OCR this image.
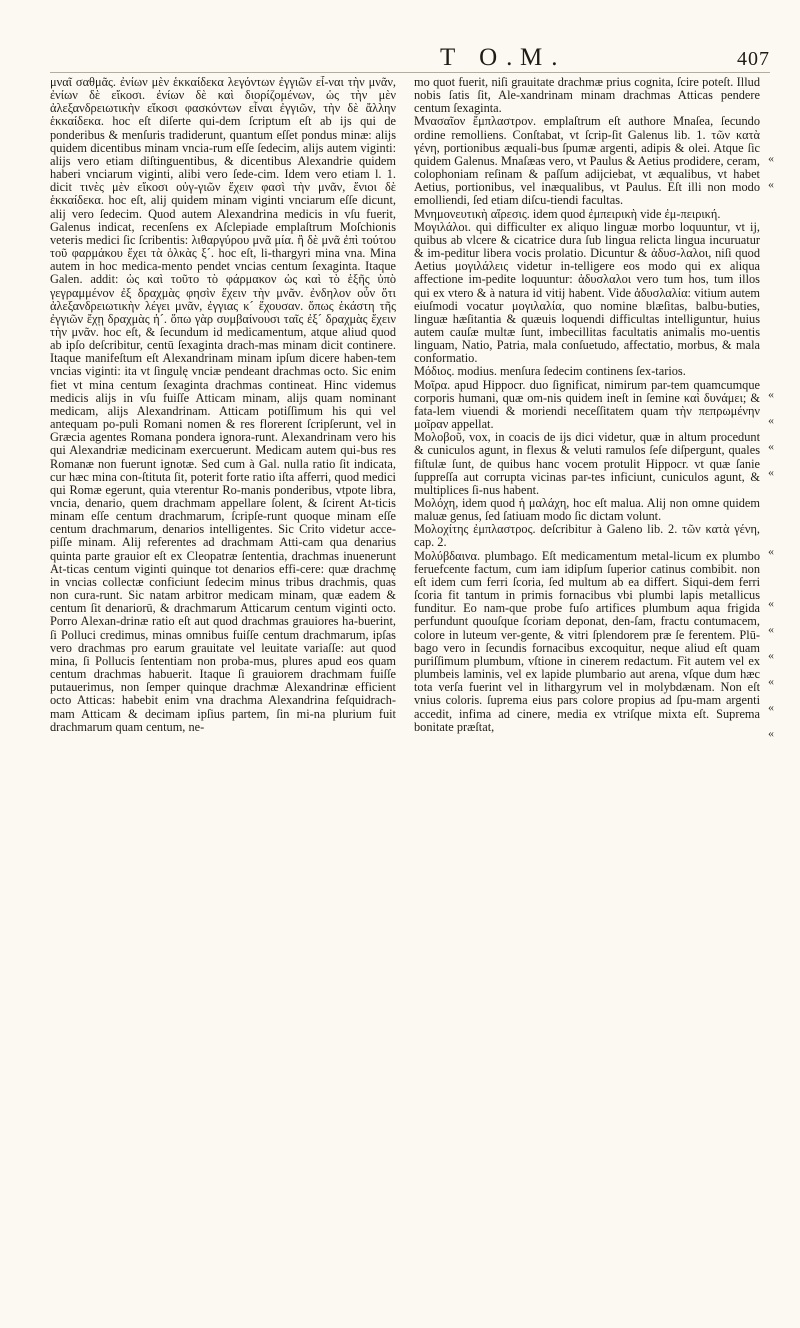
T O.
M.	407

μναῖ σαθμᾶς. ἐνίων μὲν ἑκκαίδεκα λεγόντων ἐγγιῶν εἶ-ναι τὴν μνᾶν, ἐνίων δὲ εἴκοσι. ἐνίων δὲ καὶ διορίζομένων, ὡς τὴν μὲν ἀλεξανδρειωτικὴν εἴκοσι φασκόντων εἶναι ἐγγιῶν, τὴν δὲ ἄλλην ἑκκαίδεκα. hoc eſt diſerte qui-dem ſcriptum eſt ab ijs qui de ponderibus & menſuris tradiderunt, quantum eſſet pondus minæ: alijs quidem dicentibus minam vncia-rum eſſe ſedecim, alijs autem viginti: alijs vero etiam diſtinguentibus, & dicentibus Alexandrie quidem haberi vnciarum viginti, alibi vero ſede-cim. Idem vero etiam l. 1. dicit τινὲς μὲν εἴκοσι οὐγ-γιῶν ἔχειν φασὶ τὴν μνᾶν, ἔνιοι δὲ ἑκκαίδεκα. hoc eſt, alij quidem minam viginti vnciarum eſſe dicunt, alij vero ſedecim. Quod autem Alexandrina medicis in vſu fuerit, Galenus indicat, recenſens ex Aſclepiade emplaſtrum Moſchionis veteris medici ſic ſcribentis: λιθαργύρου μνᾶ μία. ἢ δὲ μνᾶ ἐπὶ τούτου τοῦ φαρμάκου ἔχει τὰ ὁλκὰς ξ´. hoc eſt, li-thargyri mina vna. Mina autem in hoc medica-mento pendet vncias centum ſexaginta. Itaque Galen. addit: ὡς καὶ τοῦτο τὸ φάρμακον ὡς καὶ τὸ ἑξῆς ὑπὸ γεγραμμένον ἐξ δραχμὰς φησὶν ἔχειν τὴν μνᾶν. ἐνδηλον οὖν ὅτι ἀλεξανδρειωτικὴν λέγει μνᾶν, ἐγγιας κ´ ἔχουσαν. ὅπως ἑκάστη τῆς ἐγγιῶν ἔχῃ δραχμὰς ἡ´. ὅπω γὰρ συμβαίνουσι ταῖς ἐξ´ δραχμὰς ἔχειν τὴν μνᾶν. hoc eſt, & ſecundum id medicamentum, atque aliud quod ab ipſo deſcribitur, centū ſexaginta drach-mas minam dicit continere. Itaque manifeſtum eſt Alexandrinam minam ipſum dicere haben-tem vncias viginti: ita vt ſingulę vnciæ pendeant drachmas octo. Sic enim fiet vt mina centum ſexaginta drachmas contineat. Hinc videmus medicis alijs in vſu fuiſſe Atticam minam, alijs quam nominant medicam, alijs Alexandrinam. Atticam potiſſimum his qui vel antequam po-puli Romani nomen & res florerent ſcripſerunt, vel in Græcia agentes Romana pondera ignora-runt. Alexandrinam vero his qui Alexandriæ medicinam exercuerunt. Medicam autem qui-bus res Romanæ non fuerunt ignotæ. Sed cum à Gal. nulla ratio ſit indicata, cur hæc mina con-ſtituta ſit, poterit forte ratio iſta afferri, quod medici qui Romæ egerunt, quia vterentur Ro-manis ponderibus, vtpote libra, vncia, denario, quem drachmam appellare ſolent, & ſcirent At-ticis minam eſſe centum drachmarum, ſcripſe-runt quoque minam eſſe centum drachmarum, denarios intelligentes. Sic Crito videtur acce-piſſe minam. Alij referentes ad drachmam Atti-cam qua denarius quinta parte grauior eſt ex Cleopatræ ſententia, drachmas inuenerunt At-ticas centum viginti quinque tot denarios effi-cere: quæ drachmę in vncias collectæ conficiunt ſedecim minus tribus drachmis, quas non cura-runt. Sic natam arbitror medicam minam, quæ eadem & centum ſit denariorū, & drachmarum Atticarum centum viginti octo. Porro Alexan-drinæ ratio eſt aut quod drachmas grauiores ha-buerint, ſi Polluci credimus, minas omnibus fuiſſe centum drachmarum, ipſas vero drachmas pro earum grauitate vel leuitate variaſſe: aut quod mina, ſi Pollucis ſententiam non proba-mus, plures apud eos quam centum drachmas habuerit. Itaque ſi grauiorem drachmam fuiſſe putauerimus, non ſemper quinque drachmæ Alexandrinæ efficient octo Atticas: habebit enim vna drachma Alexandrina feſquidrach-mam Atticam & decimam ipſius partem, ſin mi-na plurium fuit drachmarum quam centum, ne-

mo quot fuerit, niſi grauitate drachmæ prius cognita, ſcire poteſt. Illud nobis ſatis ſit, Ale-xandrinam minam drachmas Atticas pendere centum ſexaginta.

Μνασαῖον ἔμπλαστρον. emplaſtrum eſt authore Mnaſea, ſecundo ordine remolliens. Conſtabat, vt ſcrip-ſit Galenus lib. 1. τῶν κατὰ γένη, portionibus æquali-bus ſpumæ argenti, adipis & olei. Atque ſic quidem Galenus. Mnaſæas vero, vt Paulus & Aetius prodidere, ceram, colophoniam reſinam & paſſum adijciebat, vt æqualibus, vt habet Aetius, portionibus, vel inæqualibus, vt Paulus. Eſt illi non modo emolliendi, ſed etiam diſcu-tiendi facultas.

Μνημονευτικὴ αἵρεσις. idem quod ἐμπειρικὴ vide ἐμ-πειρική.

Μογιλάλοι. qui difficulter ex aliquo linguæ morbo loquuntur, vt ij, quibus ab vlcere & cicatrice dura ſub lingua relicta lingua incuruatur & im-peditur libera vocis prolatio. Dicuntur & ἀδυσ-λαλοι, niſi quod Aetius μογιλάλεις videtur in-telligere eos modo qui ex aliqua affectione im-pedite loquuntur: ἀδυσλαλοι vero tum hos, tum illos qui ex vtero & à natura id vitij habent. Vide ἀδυσλαλία: vitium autem eiuſmodi vocatur μογιλαλία, quo nomine blæſitas, balbu-buties, linguæ hæſitantia & quæuis loquendi difficultas intelliguntur, huius autem cauſæ multæ ſunt, imbecillitas facultatis animalis mo-uentis linguam, Natio, Patria, mala conſuetudo, affectatio, morbus, & mala conformatio.

Μόδιος. modius. menſura ſedecim continens ſex-tarios.

Μοῖρα. apud Hippocr. duo ſignificat, nimirum par-tem quamcumque corporis humani, quæ om-nis quidem ineſt in ſemine καὶ δυνάμει; & fata-lem viuendi & moriendi neceſſitatem quam τὴν πεπρωμένην μοῖραν appellat.

Μολοβοῦ, vox, in coacis de ijs dici videtur, quæ in altum procedunt & cuniculos agunt, in flexus & veluti ramulos ſeſe diſpergunt, quales fiſtulæ ſunt, de quibus hanc vocem protulit Hippocr. vt quæ ſanie ſuppreſſa aut corrupta vicinas par-tes inficiunt, cuniculos agunt, & multiplices ſi-nus habent.

Μολόχη, idem quod ἡ μαλάχη, hoc eſt malua. Alij non omne quidem maluæ genus, ſed ſatiuam modo ſic dictam volunt.

Μολοχίτης ἐμπλαστρος. deſcribitur à Galeno lib. 2. τῶν κατὰ γένη, cap. 2.

Μολύβδαινα. plumbago. Eſt medicamentum metal-licum ex plumbo feruefcente factum, cum iam idipſum ſuperior catinus combibit. non eſt idem cum ferri ſcoria, ſed multum ab ea differt. Siqui-dem ferri ſcoria fit tantum in primis fornacibus vbi plumbi lapis metallicus funditur. Eo nam-que probe fuſo artifices plumbum aqua frigida perfundunt quouſque ſcoriam deponat, den-ſam, fractu contumacem, colore in luteum ver-gente, & vitri ſplendorem præ ſe ferentem. Plū-bago vero in ſecundis fornacibus excoquitur, neque aliud eſt quam puriſſimum plumbum, vſtione in cinerem redactum. Fit autem vel ex plumbeis laminis, vel ex lapide plumbario aut arena, vſque dum hæc tota verſa fuerint vel in lithargyrum vel in molybdænam. Non eſt vnius coloris. ſuprema eius pars colore propius ad ſpu-mam argenti accedit, infima ad cinere, media ex vtriſque mixta eſt. Suprema bonitate præſtat,

«
«
«
«
«
«
«
«
«
«
«
«
«
